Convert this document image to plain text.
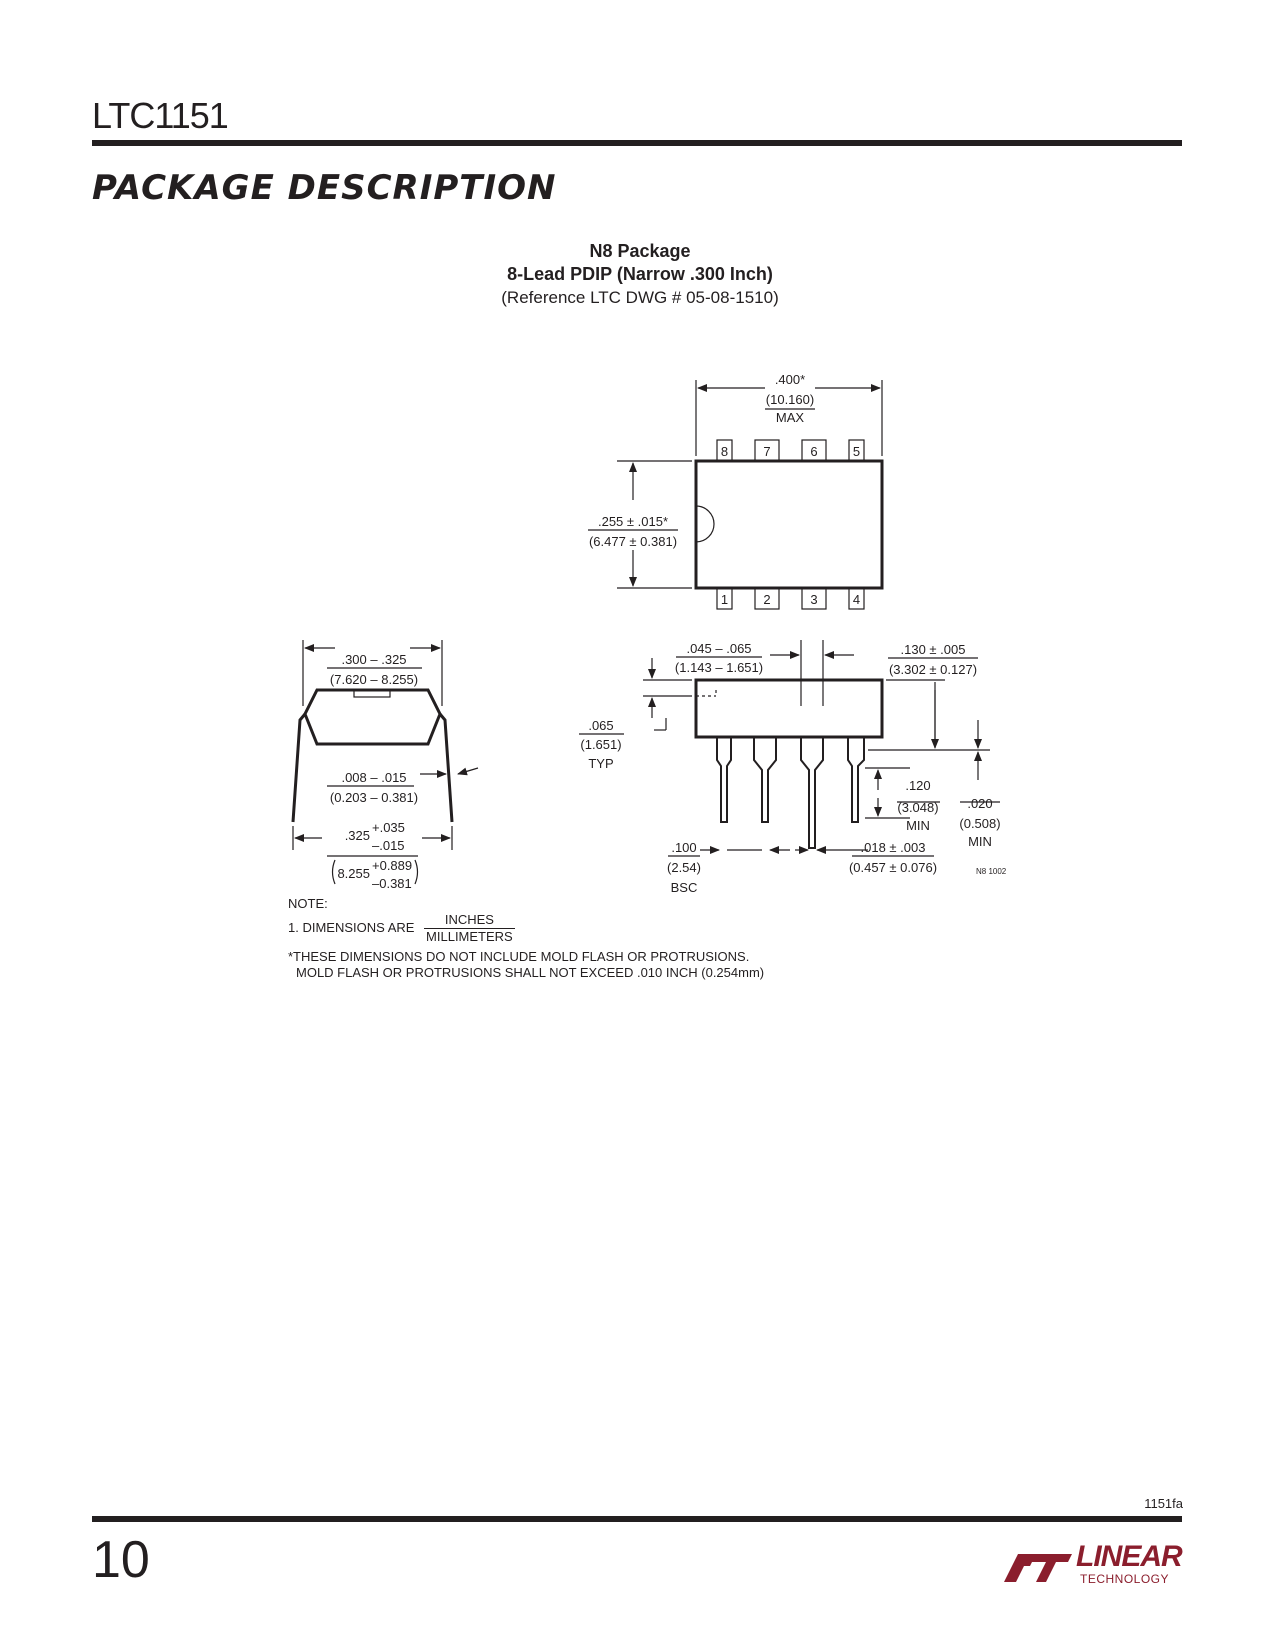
LTC1151
PACKAGE DESCRIPTION
N8 Package
8-Lead PDIP (Narrow .300 Inch)
(Reference LTC DWG # 05-08-1510)
8	7	6	5
1	2	3	4
.400*
(10.160)
MAX
.255 ± .015*
(6.477 ± 0.381)
.300 – .325
(7.620 – 8.255)
.008 – .015
(0.203 – 0.381)
.325
+.035
–.015
8.255
+0.889
–0.381
.045 – .065
(1.143 – 1.651)
.130 ± .005
(3.302 ± 0.127)
.065
(1.651)
TYP
.120
(3.048)
MIN
.020
(0.508)
MIN
.100
(2.54)
BSC
.018 ± .003
(0.457 ± 0.076)	N8 1002
NOTE:
1. DIMENSIONS ARE $\frac{\text{INCHES}}{\text{MILLIMETERS}}$
*THESE DIMENSIONS DO NOT INCLUDE MOLD FLASH OR PROTRUSIONS.
MOLD FLASH OR PROTRUSIONS SHALL NOT EXCEED .010 INCH (0.254mm)
1151fa
10	LINEAR
TECHNOLOGY
